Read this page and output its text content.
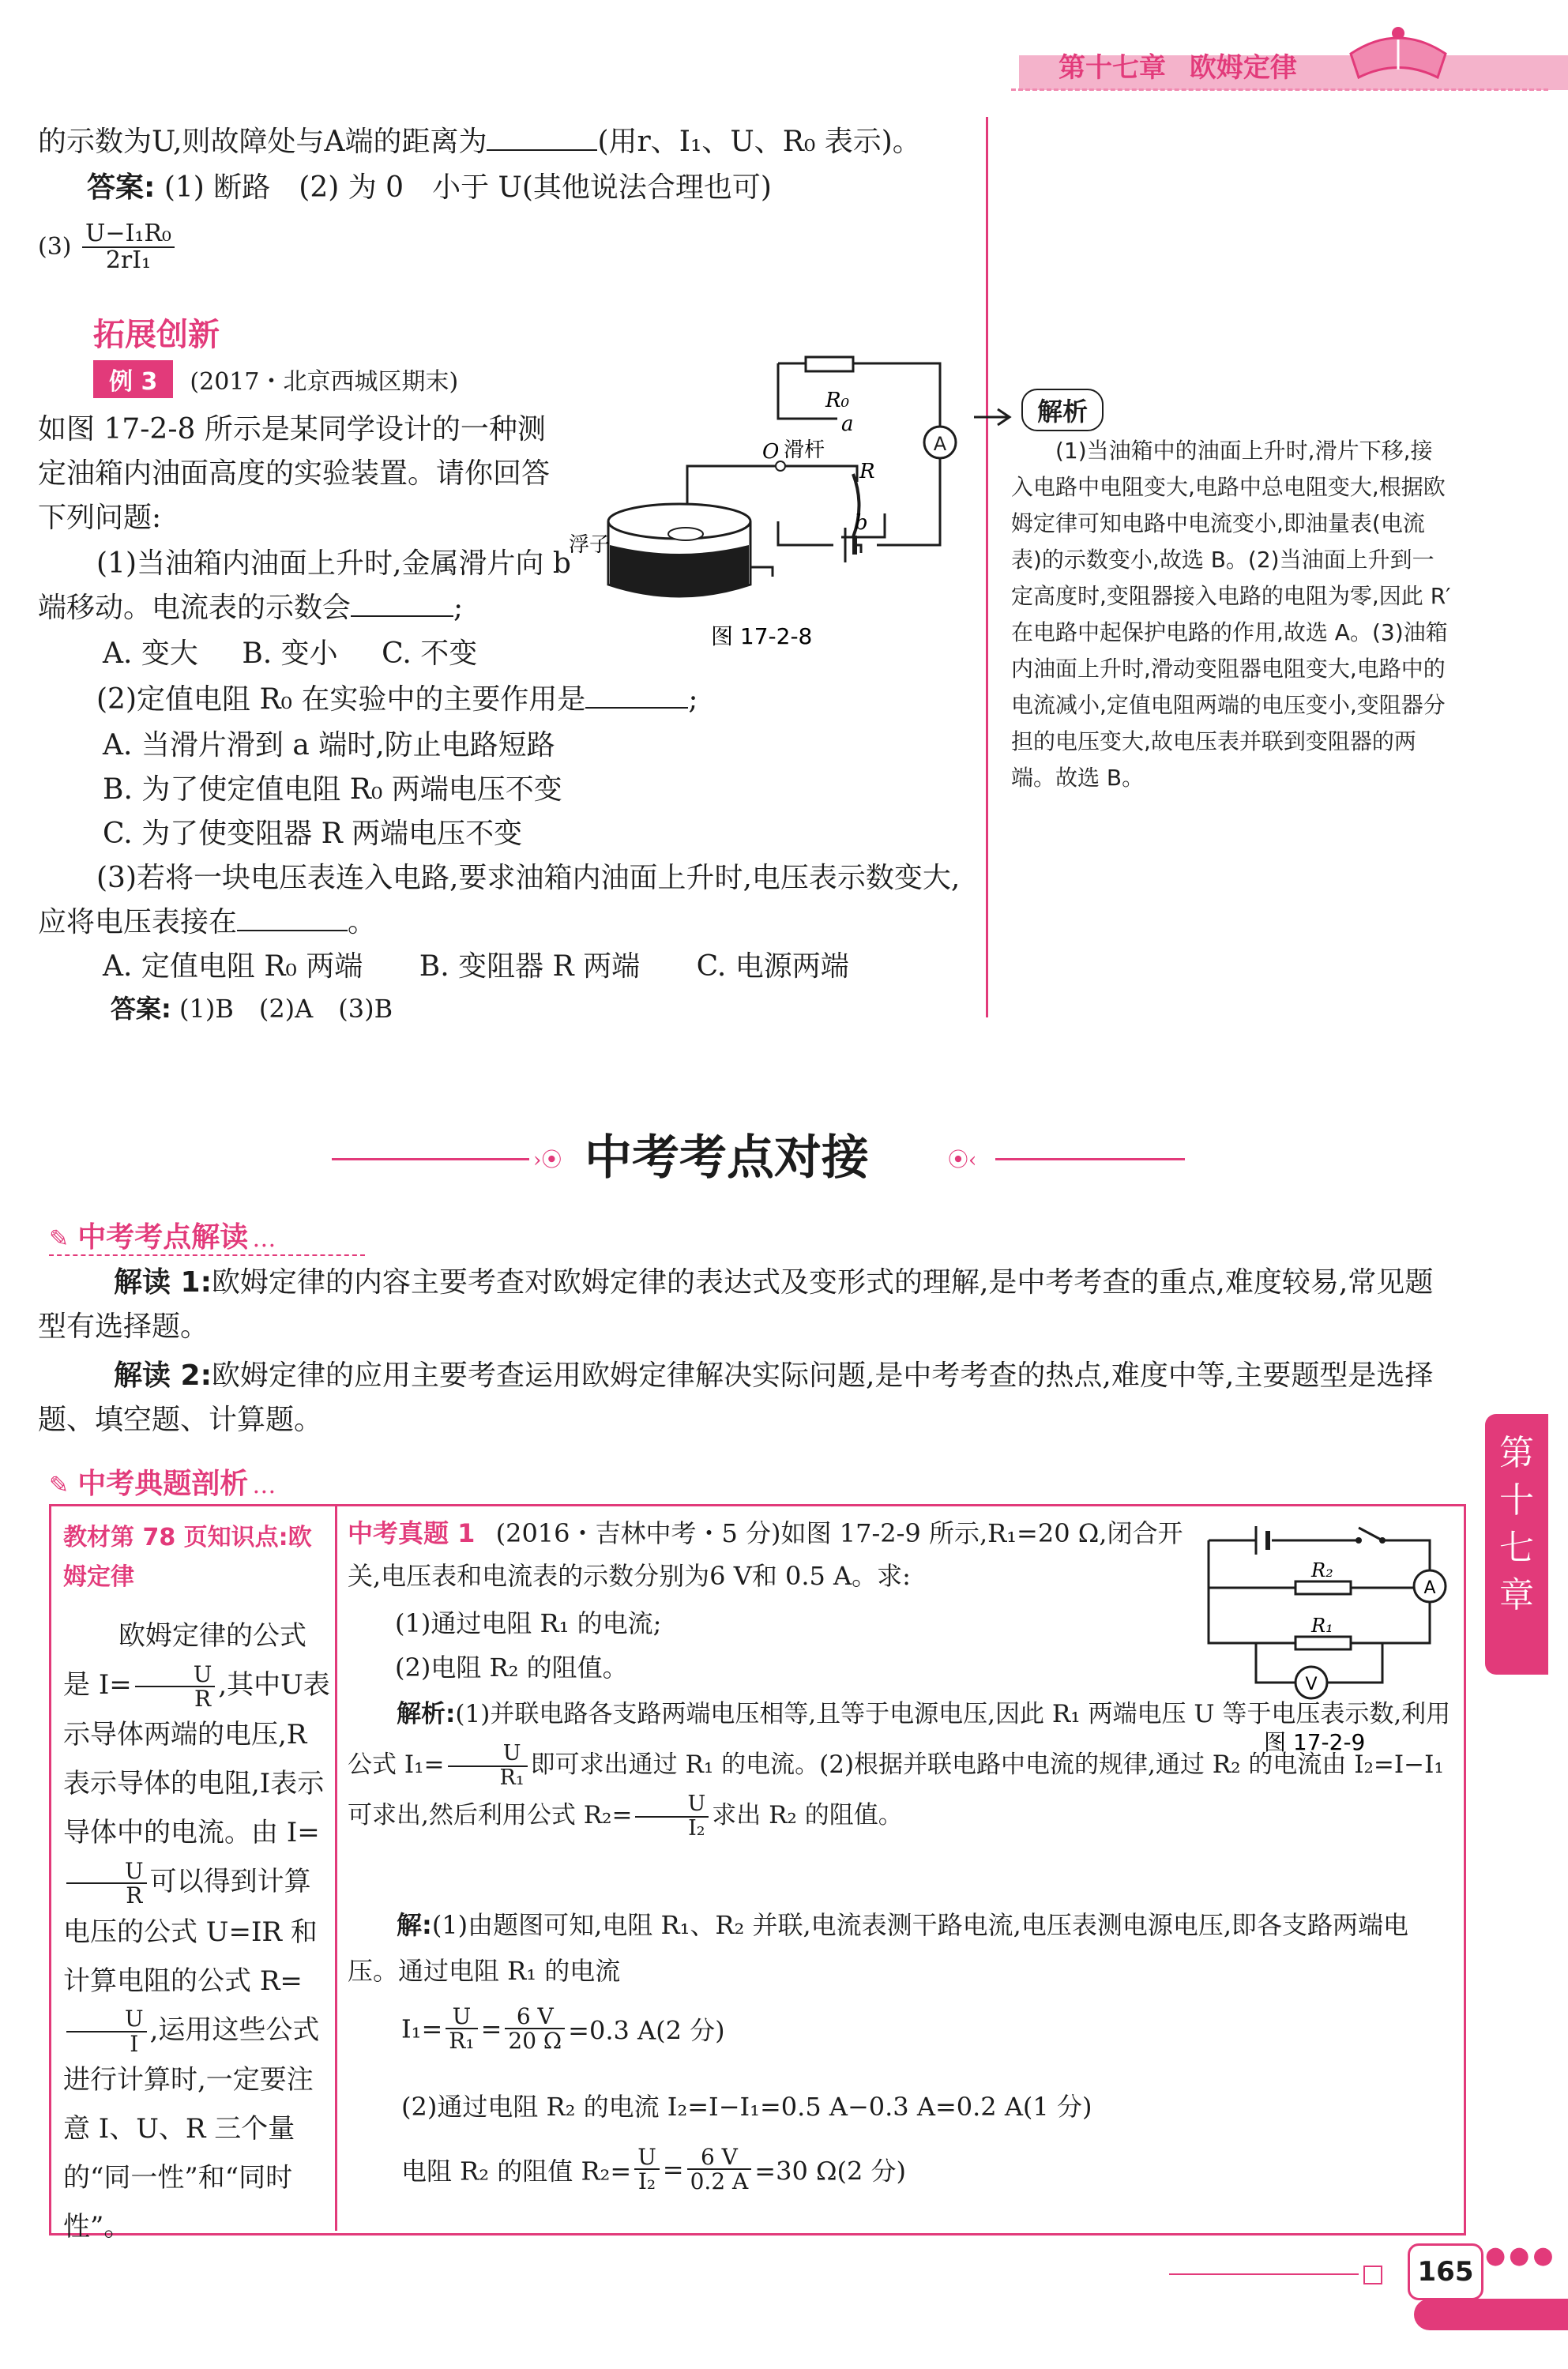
第十七章 欧姆定律
的示数为U,则故障处与A端的距离为	(用r、I₁、U、R₀ 表示)。
答案: (1) 断路　(2) 为 0　小于 U(其他说法合理也可)
$(3) \frac{\text{U−I₁R₀}}{\text{2rI₁}}$
拓展创新
例 3 (2017・北京西城区期末)
如图 17-2-8 所示是某同学设计的一种测定油箱内油面高度的实验装置。请你回答下列问题:
(1)当油箱内油面上升时,金属滑片向 b 端移动。电流表的示数会	;
A. 变大 B. 变小 C. 不变
(2)定值电阻 R₀ 在实验中的主要作用是	;
A. 当滑片滑到 a 端时,防止电路短路
B. 为了使定值电阻 R₀ 两端电压不变
C. 为了使变阻器 R 两端电压不变
(3)若将一块电压表连入电路,要求油箱内油面上升时,电压表示数变大,应将电压表接在	。
A. 定值电阻 R₀ 两端 B. 变阻器 R 两端 C. 电源两端
答案: (1)B　(2)A　(3)B
A
R₀
O 滑杆
a
R
b
浮子
图 17-2-8
解析
(1)当油箱中的油面上升时,滑片下移,接入电路中电阻变大,电路中总电阻变大,根据欧姆定律可知电路中电流变小,即油量表(电流表)的示数变小,故选 B。(2)当油面上升到一定高度时,变阻器接入电路的电阻为零,因此 R′在电路中起保护电路的作用,故选 A。(3)油箱内油面上升时,滑动变阻器电阻变大,电路中的电流减小,定值电阻两端的电压变小,变阻器分担的电压变大,故电压表并联到变阻器的两端。故选 B。
›⦿ 中考考点对接	⦿‹
✎ 中考考点解读 …
解读 1:欧姆定律的内容主要考查对欧姆定律的表达式及变形式的理解,是中考考查的重点,难度较易,常见题型有选择题。
解读 2:欧姆定律的应用主要考查运用欧姆定律解决实际问题,是中考考查的热点,难度中等,主要题型是选择题、填空题、计算题。
第十七章
✎ 中考典题剖析 …
教材第 78 页知识点:欧姆定律
欧姆定律的公式是 $I= \frac{U}{R}$ ,其中U表示导体两端的电压,R表示导体的电阻,I表示导体中的电流。由 I=
$\frac{U}{R}$ 可以得到计算电压的公式 U=IR 和计算电阻的公式 R=
$\frac{U}{I}$ ,运用这些公式进行计算时,一定要注意 I、U、R 三个量的“同一性”和“同时性”。
中考真题 1 (2016・吉林中考・5 分)如图 17-2-9 所示,R₁=20 Ω,闭合开关,电压表和电流表的示数分别为6 V和 0.5 A。求:
(1)通过电阻 R₁ 的电流;
(2)电阻 R₂ 的阻值。
解析:(1)并联电路各支路两端电压相等,且等于电源电压,因此 R₁ 两端电压 U 等于电压表示数,利用公式 $I_1= \frac{U}{\text{R₁}}$ 即可求出通过 R₁ 的电流。(2)根据并联电路中电流的规律,通过 R₂ 的电流由 I₂=I−I₁ 可求出,然后利用公式 $R_2= \frac{U}{\text{I₂}}$ 求出 R₂ 的阻值。
A
V
R₂
R₁
图 17-2-9
解:(1)由题图可知,电阻 R₁、R₂ 并联,电流表测干路电流,电压表测电源电压,即各支路两端电压。通过电阻 R₁ 的电流
$I_1= \frac{U}{\text{R₁}} = \frac{6 V}{20 \Omega} =0.3$ A(2 分)
(2)通过电阻 R₂ 的电流 I₂=I−I₁=0.5 A−0.3 A=0.2 A(1 分)
电阻 R₂ 的阻值 $R_2= \frac{U}{\text{I₂}} = \frac{6 V}{0.2 A} =30$ Ω(2 分)
165
●●●
